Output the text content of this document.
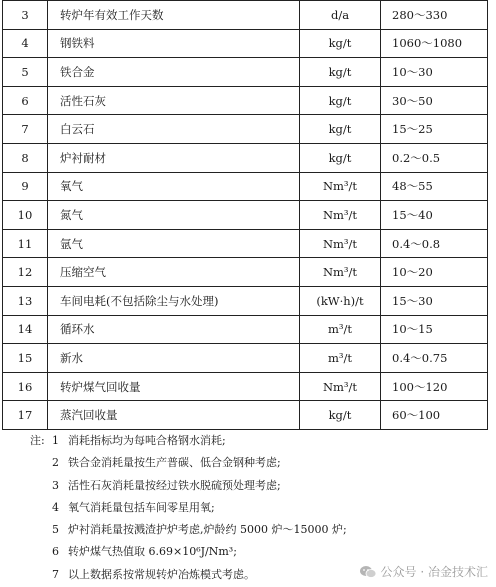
3	转炉年有效工作天数	d/a	280～330
4	钢铁料	kg/t	1060～1080
5	铁合金	kg/t	10～30
6	活性石灰	kg/t	30～50
7	白云石	kg/t	15～25
8	炉衬耐材	kg/t	0.2～0.5
9	氧气	Nm³/t	48～55
10	氮气	Nm³/t	15～40
11	氩气	Nm³/t	0.4～0.8
12	压缩空气	Nm³/t	10～20
13	车间电耗(不包括除尘与水处理)	(kW·h)/t	15～30
14	循环水	m³/t	10～15
15	新水	m³/t	0.4～0.75
16	转炉煤气回收量	Nm³/t	100～120
17	蒸汽回收量	kg/t	60～100
注: 1 消耗指标均为每吨合格钢水消耗;
2 铁合金消耗量按生产普碳、低合金钢种考虑;
3 活性石灰消耗量按经过铁水脱硫预处理考虑;
4 氧气消耗量包括车间零星用氧;
5 炉衬消耗量按溅渣护炉考虑,炉龄约 5000 炉～15000 炉;
6 转炉煤气热值取 6.69×10⁶J/Nm³;
7 以上数据系按常规转炉冶炼模式考虑。	公众号 · 冶金技术汇
